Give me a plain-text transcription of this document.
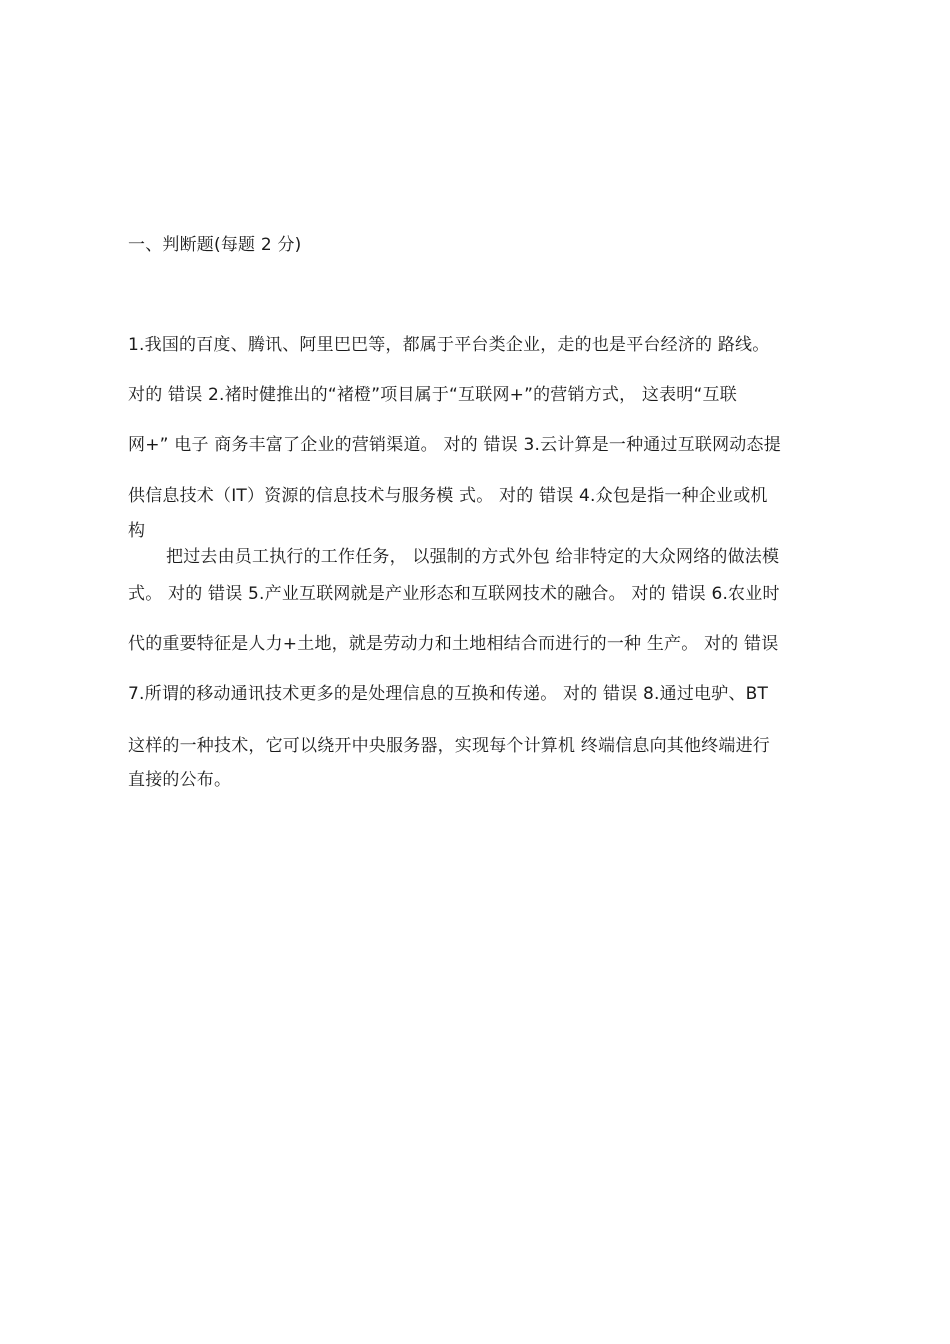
一、判断题(每题 2 分)
1.我国的百度、腾讯、阿里巴巴等，都属于平台类企业，走的也是平台经济的 路线。
对的 错误 2.褚时健推出的“褚橙”项目属于“互联网+”的营销方式， 这表明“互联
网+” 电子 商务丰富了企业的营销渠道。 对的 错误 3.云计算是一种通过互联网动态提
供信息技术（IT）资源的信息技术与服务模 式。 对的 错误 4.众包是指一种企业或机
构
把过去由员工执行的工作任务， 以强制的方式外包 给非特定的大众网络的做法模
式。 对的 错误 5.产业互联网就是产业形态和互联网技术的融合。 对的 错误 6.农业时
代的重要特征是人力+土地，就是劳动力和土地相结合而进行的一种 生产。 对的 错误
7.所谓的移动通讯技术更多的是处理信息的互换和传递。 对的 错误 8.通过电驴、BT
这样的一种技术，它可以绕开中央服务器，实现每个计算机 终端信息向其他终端进行
直接的公布。
